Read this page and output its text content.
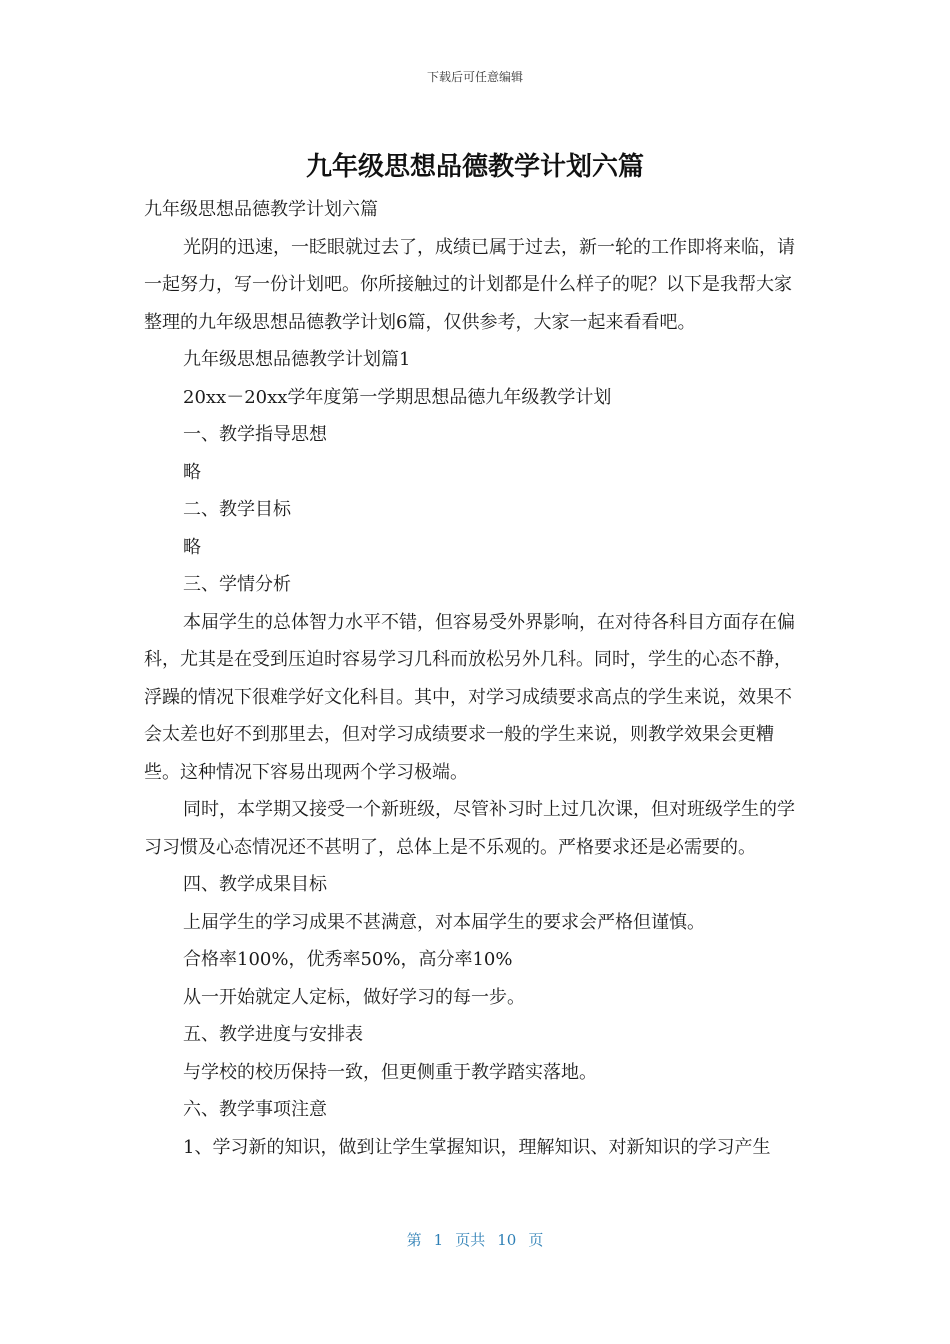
下载后可任意编辑
九年级思想品德教学计划六篇

九年级思想品德教学计划六篇

光阴的迅速，一眨眼就过去了，成绩已属于过去，新一轮的工作即将来临，请一起努力，写一份计划吧。你所接触过的计划都是什么样子的呢？以下是我帮大家整理的九年级思想品德教学计划6篇，仅供参考，大家一起来看看吧。

九年级思想品德教学计划篇1

20xx－20xx学年度第一学期思想品德九年级教学计划

一、教学指导思想

略

二、教学目标

略

三、学情分析

本届学生的总体智力水平不错，但容易受外界影响，在对待各科目方面存在偏科，尤其是在受到压迫时容易学习几科而放松另外几科。同时，学生的心态不静，浮躁的情况下很难学好文化科目。其中，对学习成绩要求高点的学生来说，效果不会太差也好不到那里去，但对学习成绩要求一般的学生来说，则教学效果会更糟些。这种情况下容易出现两个学习极端。

同时，本学期又接受一个新班级，尽管补习时上过几次课，但对班级学生的学习习惯及心态情况还不甚明了，总体上是不乐观的。严格要求还是必需要的。

四、教学成果目标

上届学生的学习成果不甚满意，对本届学生的要求会严格但谨慎。

合格率100%，优秀率50%，高分率10%

从一开始就定人定标，做好学习的每一步。

五、教学进度与安排表

与学校的校历保持一致，但更侧重于教学踏实落地。

六、教学事项注意

1、学习新的知识，做到让学生掌握知识，理解知识、对新知识的学习产生

第 1 页共 10 页
